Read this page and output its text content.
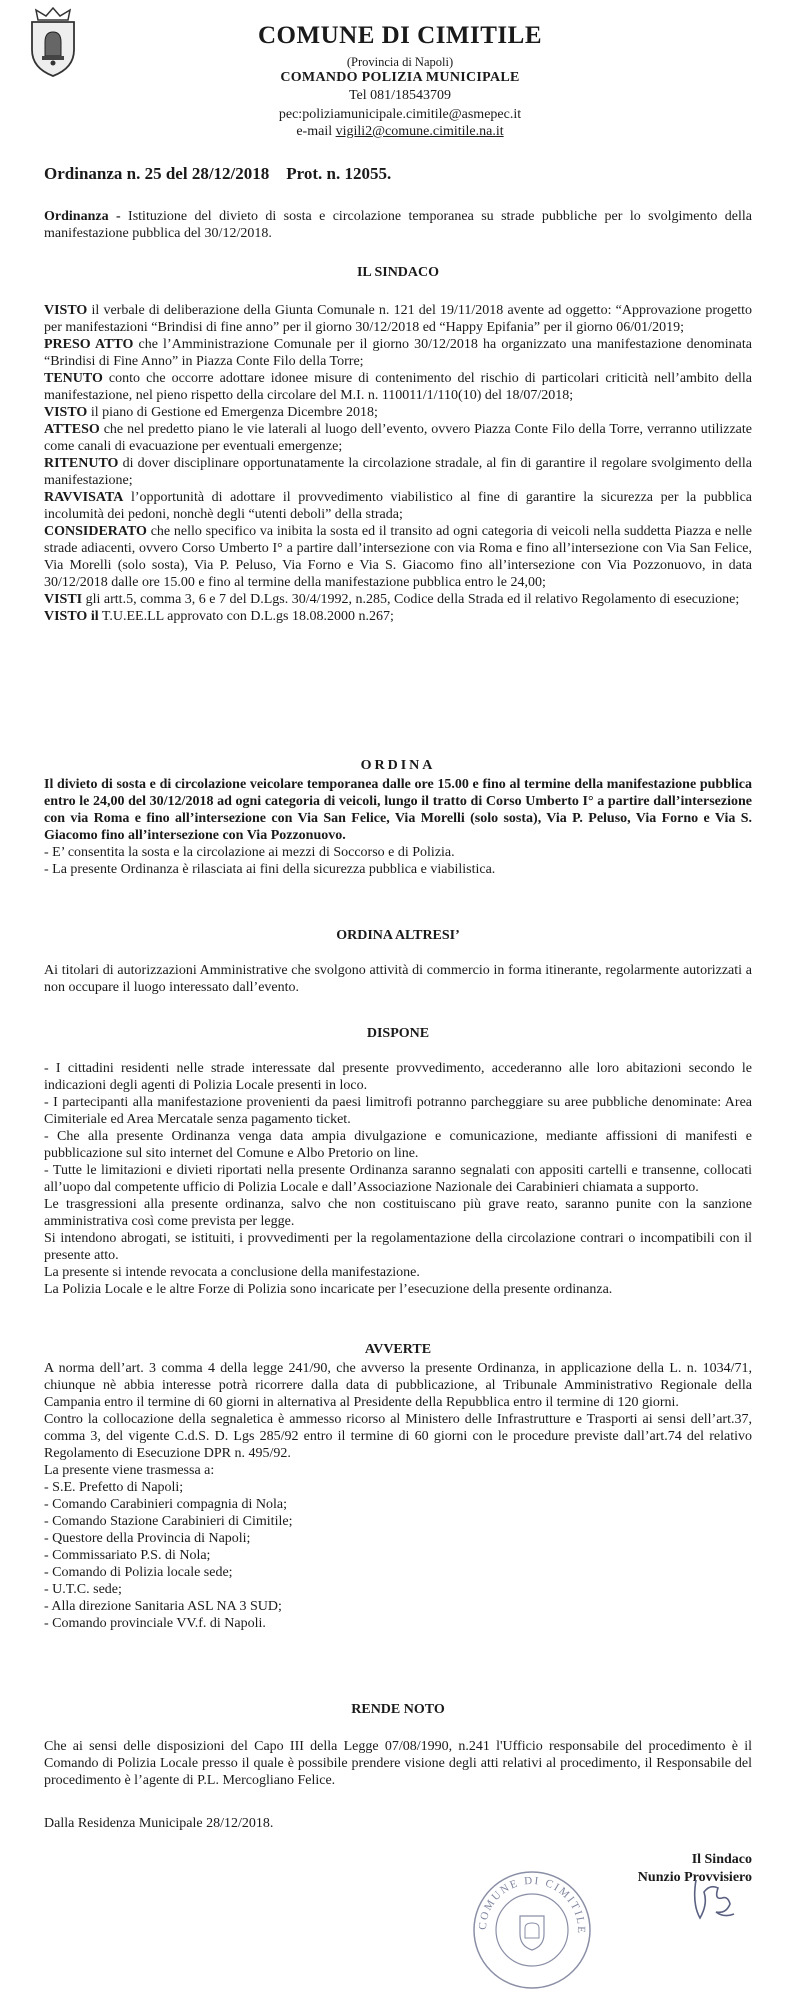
COMUNE DI CIMITILE
(Provincia di Napoli)
COMANDO POLIZIA MUNICIPALE
Tel 081/18543709
pec:poliziamunicipale.cimitile@asmepec.it
e-mail vigili2@comune.cimitile.na.it
Ordinanza n. 25 del 28/12/2018    Prot. n. 12055.
Ordinanza - Istituzione del divieto di sosta e circolazione temporanea su strade pubbliche per lo svolgimento della manifestazione pubblica del 30/12/2018.
IL SINDACO

VISTO il verbale di deliberazione della Giunta Comunale n. 121 del 19/11/2018 avente ad oggetto: “Approvazione progetto per manifestazioni “Brindisi di fine anno” per il giorno 30/12/2018 ed “Happy Epifania” per il giorno 06/01/2019;

PRESO ATTO che l’Amministrazione Comunale per il giorno 30/12/2018 ha organizzato una manifestazione denominata “Brindisi di Fine Anno” in Piazza Conte Filo della Torre;

TENUTO conto che occorre adottare idonee misure di contenimento del rischio di particolari criticità nell’ambito della manifestazione, nel pieno rispetto della circolare del M.I. n. 110011/1/110(10) del 18/07/2018;

VISTO il piano di Gestione ed Emergenza Dicembre 2018;

ATTESO che nel predetto piano le vie laterali al luogo dell’evento, ovvero Piazza Conte Filo della Torre, verranno utilizzate come canali di evacuazione per eventuali emergenze;

RITENUTO di dover disciplinare opportunatamente la circolazione stradale, al fin di garantire il regolare svolgimento della manifestazione;

RAVVISATA l’opportunità di adottare il provvedimento viabilistico al fine di garantire la sicurezza per la pubblica incolumità dei pedoni, nonchè degli “utenti deboli” della strada;

CONSIDERATO che nello specifico va inibita la sosta ed il transito ad ogni categoria di veicoli nella suddetta Piazza e nelle strade adiacenti, ovvero Corso Umberto I° a partire dall’intersezione con via Roma e fino all’intersezione con Via San Felice, Via Morelli (solo sosta), Via P. Peluso, Via Forno e Via S. Giacomo fino all’intersezione con Via Pozzonuovo, in data 30/12/2018 dalle ore 15.00 e fino al termine della manifestazione pubblica entro le 24,00;

VISTI gli artt.5, comma 3, 6 e 7 del D.Lgs. 30/4/1992, n.285, Codice della Strada ed il relativo Regolamento di esecuzione;

VISTO il T.U.EE.LL approvato con D.L.gs 18.08.2000 n.267;

ORDINA

Il divieto di sosta e di circolazione veicolare temporanea dalle ore 15.00 e fino al termine della manifestazione pubblica entro le 24,00 del 30/12/2018 ad ogni categoria di veicoli, lungo il tratto di Corso Umberto I° a partire dall’intersezione con via Roma e fino all’intersezione con Via San Felice, Via Morelli (solo sosta), Via P. Peluso, Via Forno e Via S. Giacomo fino all’intersezione con Via Pozzonuovo.

- E’ consentita la sosta e la circolazione ai mezzi di Soccorso e di Polizia.

- La presente Ordinanza è rilasciata ai fini della sicurezza pubblica e viabilistica.

ORDINA ALTRESI’
Ai titolari di autorizzazioni Amministrative che svolgono attività di commercio in forma itinerante, regolarmente autorizzati a non occupare il luogo interessato dall’evento.
DISPONE

- I cittadini residenti nelle strade interessate dal presente provvedimento, accederanno alle loro abitazioni secondo le indicazioni degli agenti di Polizia Locale presenti in loco.

- I partecipanti alla manifestazione provenienti da paesi limitrofi potranno parcheggiare su aree pubbliche denominate: Area Cimiteriale ed Area Mercatale senza pagamento ticket.

- Che alla presente Ordinanza venga data ampia divulgazione e comunicazione, mediante affissioni di manifesti e pubblicazione sul sito internet del Comune e Albo Pretorio on line.

- Tutte le limitazioni e divieti riportati nella presente Ordinanza saranno segnalati con appositi cartelli e transenne, collocati all’uopo dal competente ufficio di Polizia Locale e dall’Associazione Nazionale dei Carabinieri chiamata a supporto.

Le trasgressioni alla presente ordinanza, salvo che non costituiscano più grave reato, saranno punite con la sanzione amministrativa così come prevista per legge.

Si intendono abrogati, se istituiti, i provvedimenti per la regolamentazione della circolazione contrari o incompatibili con il presente atto.

La presente si intende revocata a conclusione della manifestazione.

La Polizia Locale e le altre Forze di Polizia sono incaricate per l’esecuzione della presente ordinanza.

AVVERTE

A norma dell’art. 3 comma 4 della legge 241/90, che avverso la presente Ordinanza, in applicazione della L. n. 1034/71, chiunque nè abbia interesse potrà ricorrere dalla data di pubblicazione, al Tribunale Amministrativo Regionale della Campania entro il termine di 60 giorni in alternativa al Presidente della Repubblica entro il termine di 120 giorni.

Contro la collocazione della segnaletica è ammesso ricorso al Ministero delle Infrastrutture e Trasporti ai sensi dell’art.37, comma 3, del vigente C.d.S. D. Lgs 285/92 entro il termine di 60 giorni con le procedure previste dall’art.74 del relativo Regolamento di Esecuzione DPR n. 495/92.

La presente viene trasmessa a:

- S.E. Prefetto di Napoli;

- Comando Carabinieri compagnia di Nola;

- Comando Stazione Carabinieri di Cimitile;

- Questore della Provincia di Napoli;

- Commissariato P.S. di Nola;

- Comando di Polizia locale sede;

- U.T.C. sede;

- Alla direzione Sanitaria ASL NA 3 SUD;

- Comando provinciale VV.f. di Napoli.

RENDE NOTO
Che ai sensi delle disposizioni del Capo III della Legge 07/08/1990, n.241 l'Ufficio responsabile del procedimento è il Comando di Polizia Locale presso il quale è possibile prendere visione degli atti relativi al procedimento, il Responsabile del procedimento è l’agente di P.L. Mercogliano Felice.
Dalla Residenza Municipale 28/12/2018.
Il Sindaco
Nunzio Provvisiero
COMUNE DI CIMITILE
